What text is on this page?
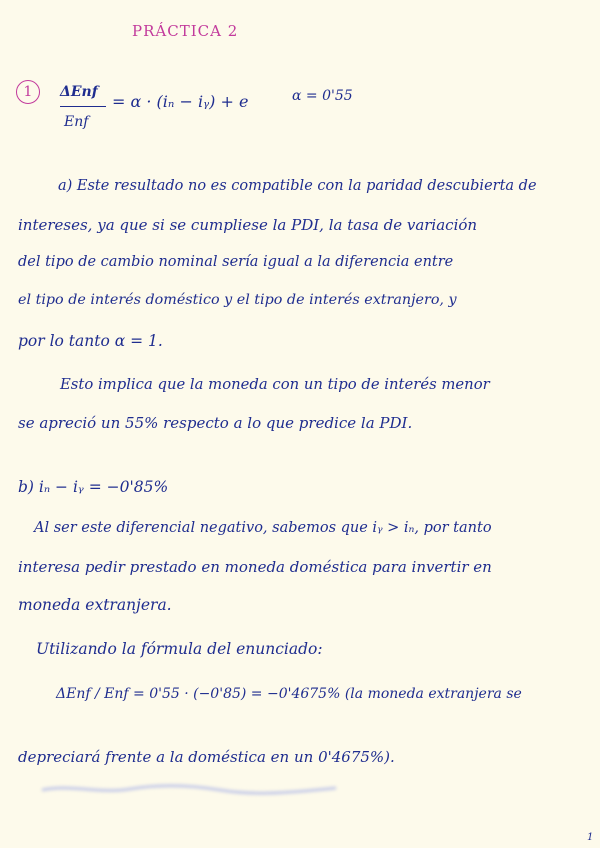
PRÁCTICA 2
1 ΔEnf
Enf
= α · (iₙ − iᵧ) + e	α = 0'55
a) Este resultado no es compatible con la paridad descubierta de
intereses, ya que si se cumpliese la PDI, la tasa de variación
del tipo de cambio nominal sería igual a la diferencia entre
el tipo de interés doméstico y el tipo de interés extranjero, y
por lo tanto α = 1.
Esto implica que la moneda con un tipo de interés menor
se apreció un 55% respecto a lo que predice la PDI.
b) iₙ − iᵧ = −0'85%
Al ser este diferencial negativo, sabemos que iᵧ > iₙ, por tanto
interesa pedir prestado en moneda doméstica para invertir en
moneda extranjera.
Utilizando la fórmula del enunciado:
ΔEnf / Enf = 0'55 · (−0'85) = −0'4675% (la moneda extranjera se
depreciará frente a la doméstica en un 0'4675%).
1
